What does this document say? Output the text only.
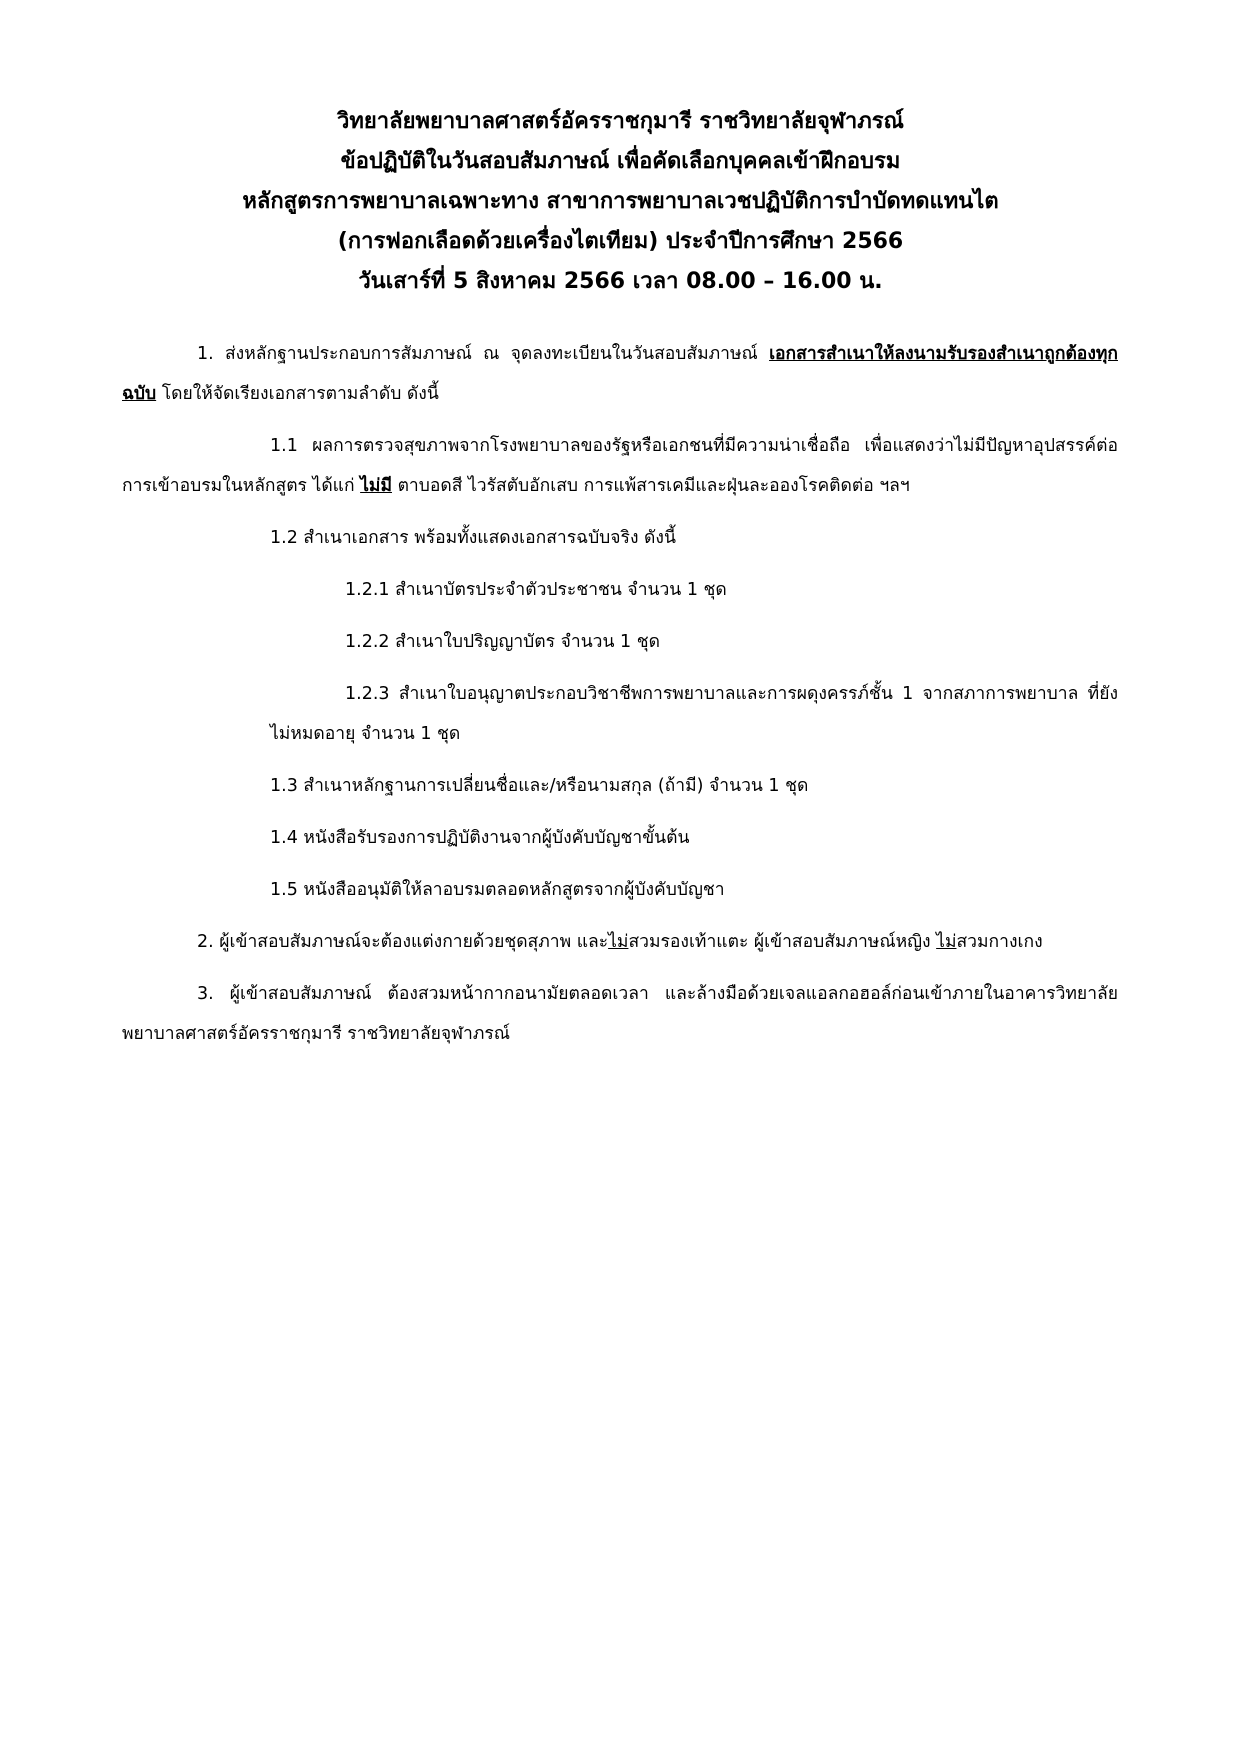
วิทยาลัยพยาบาลศาสตร์อัครราชกุมารี ราชวิทยาลัยจุฬาภรณ์
ข้อปฏิบัติในวันสอบสัมภาษณ์ เพื่อคัดเลือกบุคคลเข้าฝึกอบรม
หลักสูตรการพยาบาลเฉพาะทาง สาขาการพยาบาลเวชปฏิบัติการบำบัดทดแทนไต
(การฟอกเลือดด้วยเครื่องไตเทียม) ประจำปีการศึกษา 2566
วันเสาร์ที่ 5 สิงหาคม 2566 เวลา 08.00 – 16.00 น.

1. ส่งหลักฐานประกอบการสัมภาษณ์ ณ จุดลงทะเบียนในวันสอบสัมภาษณ์ เอกสารสำเนาให้ลงนามรับรองสำเนาถูกต้องทุกฉบับ โดยให้จัดเรียงเอกสารตามลำดับ ดังนี้

1.1 ผลการตรวจสุขภาพจากโรงพยาบาลของรัฐหรือเอกชนที่มีความน่าเชื่อถือ เพื่อแสดงว่าไม่มีปัญหาอุปสรรค์ต่อการเข้าอบรมในหลักสูตร ได้แก่ ไม่มี ตาบอดสี ไวรัสตับอักเสบ การแพ้สารเคมีและฝุ่นละอองโรคติดต่อ ฯลฯ

1.2 สำเนาเอกสาร พร้อมทั้งแสดงเอกสารฉบับจริง ดังนี้

1.2.1 สำเนาบัตรประจำตัวประชาชน จำนวน 1 ชุด

1.2.2 สำเนาใบปริญญาบัตร จำนวน 1 ชุด

1.2.3 สำเนาใบอนุญาตประกอบวิชาชีพการพยาบาลและการผดุงครรภ์ชั้น 1 จากสภาการพยาบาล ที่ยังไม่หมดอายุ จำนวน 1 ชุด

1.3 สำเนาหลักฐานการเปลี่ยนชื่อและ/หรือนามสกุล (ถ้ามี) จำนวน 1 ชุด

1.4 หนังสือรับรองการปฏิบัติงานจากผู้บังคับบัญชาขั้นต้น

1.5 หนังสืออนุมัติให้ลาอบรมตลอดหลักสูตรจากผู้บังคับบัญชา

2. ผู้เข้าสอบสัมภาษณ์จะต้องแต่งกายด้วยชุดสุภาพ และไม่สวมรองเท้าแตะ ผู้เข้าสอบสัมภาษณ์หญิง ไม่สวมกางเกง

3. ผู้เข้าสอบสัมภาษณ์ ต้องสวมหน้ากากอนามัยตลอดเวลา และล้างมือด้วยเจลแอลกอฮอล์ก่อนเข้าภายในอาคารวิทยาลัยพยาบาลศาสตร์อัครราชกุมารี ราชวิทยาลัยจุฬาภรณ์
